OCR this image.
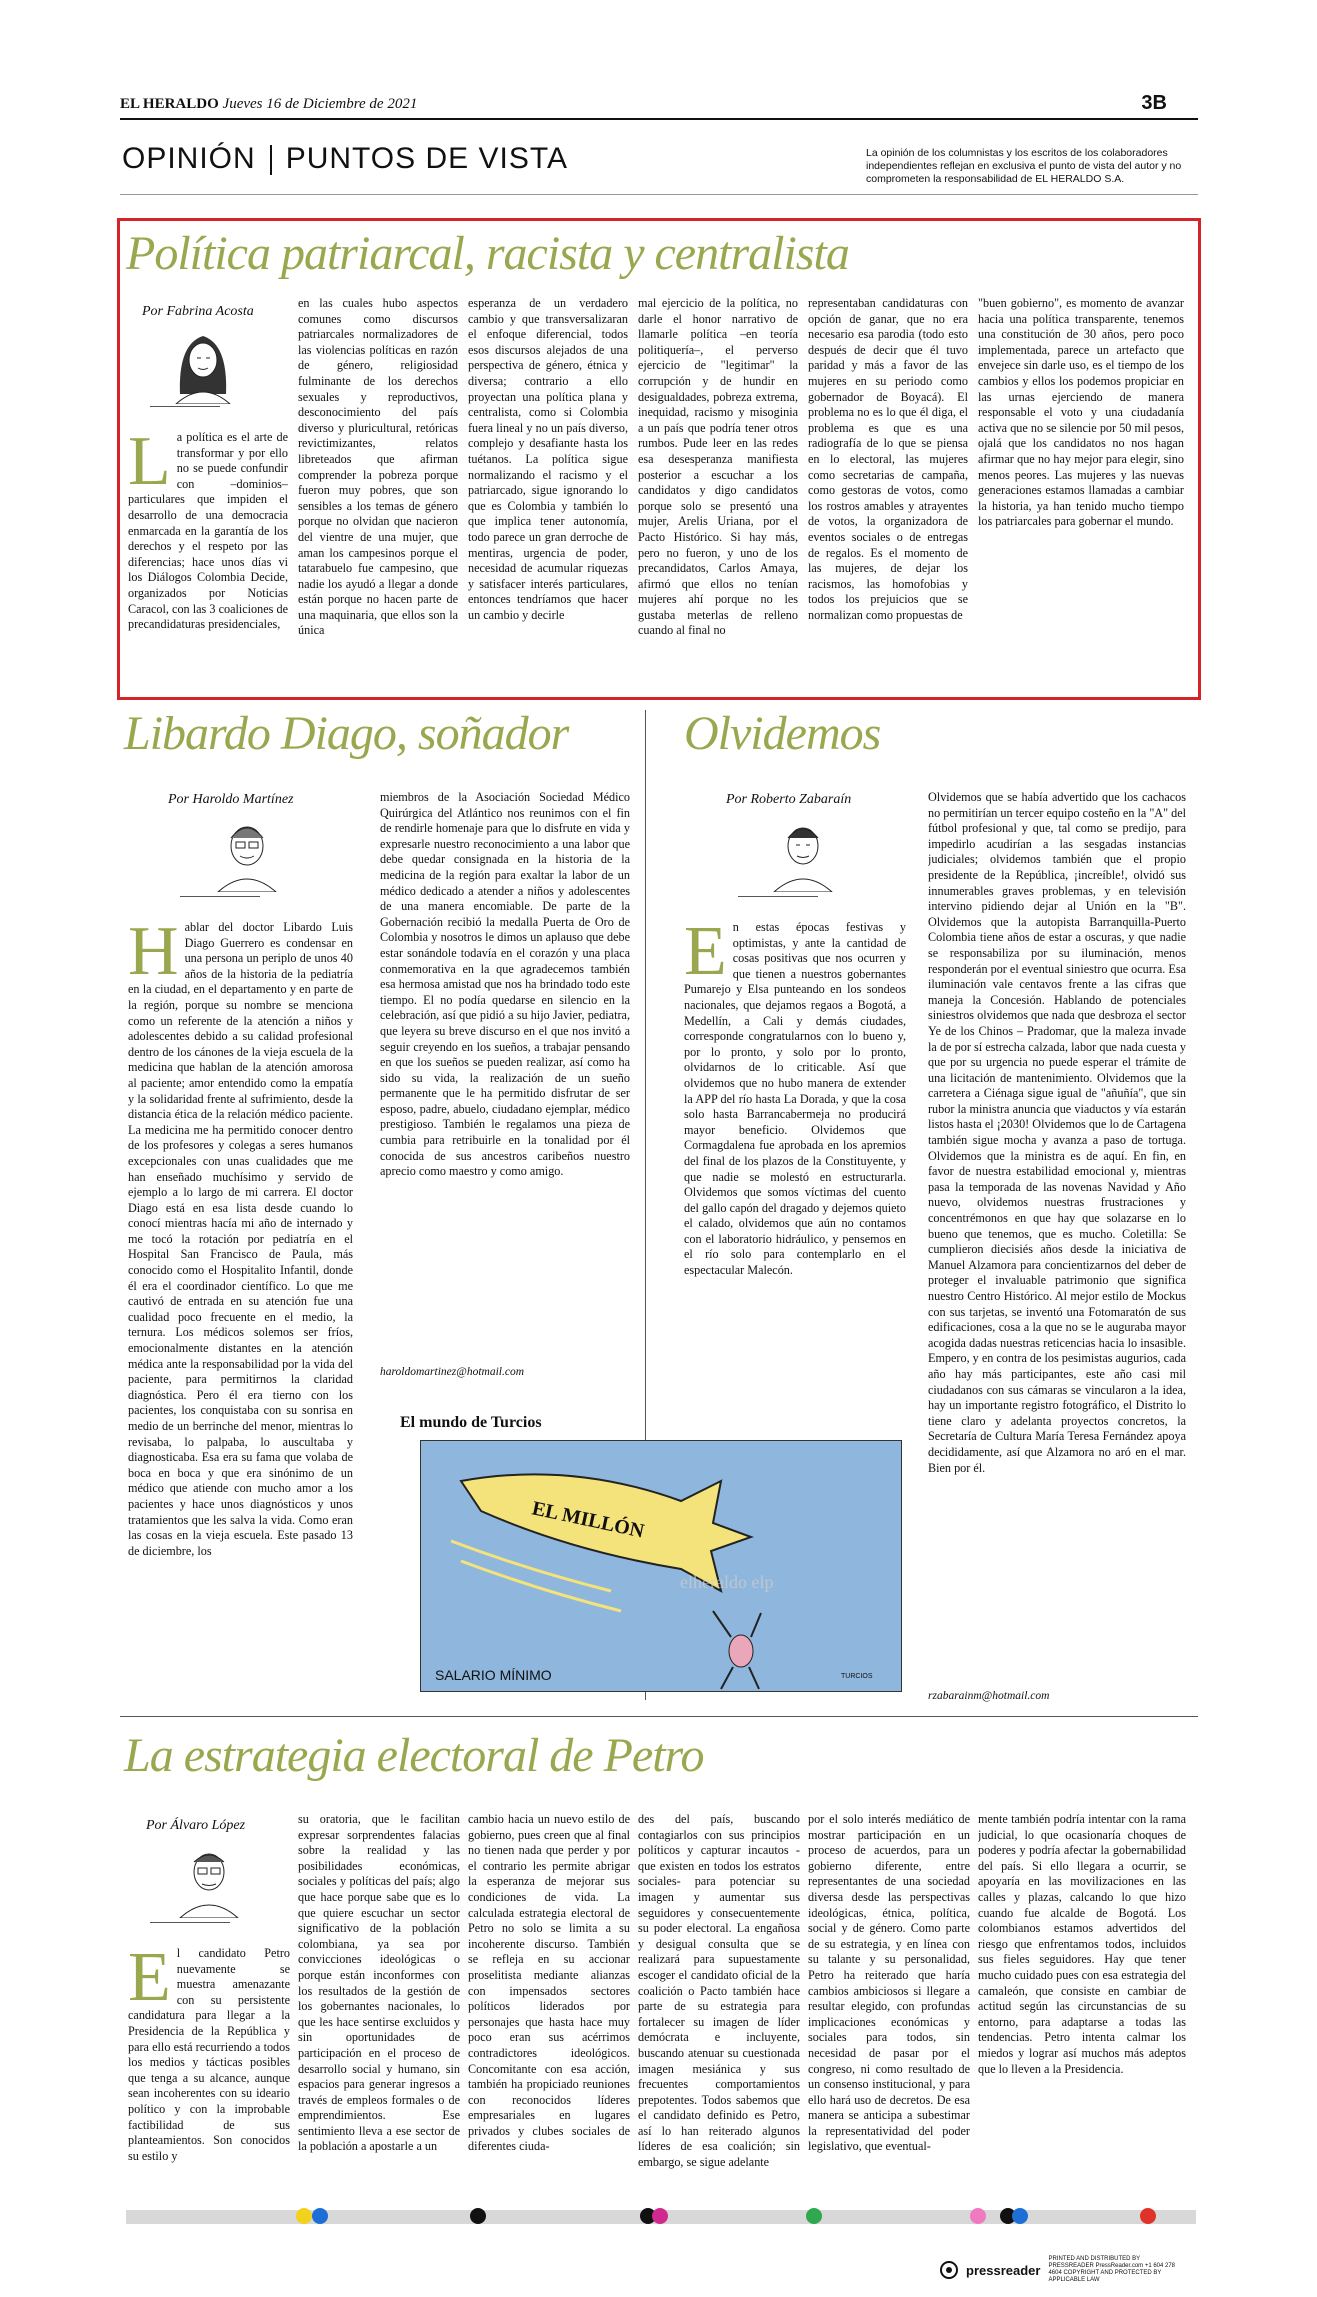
EL HERALDO Jueves 16 de Diciembre de 2021	3B
OPINIÓN PUNTOS DE VISTA	La opinión de los columnistas y los escritos de los colaboradores independientes reflejan en exclusiva el punto de vista del autor y no comprometen la responsabilidad de EL HERALDO S.A.
Política patriarcal, racista y centralista
Por Fabrina Acosta
La política es el arte de transformar y por ello no se puede confundir con –dominios– particulares que impiden el desarrollo de una democracia enmarcada en la garantía de los derechos y el respeto por las diferencias; hace unos días vi los Diálogos Colombia Decide, organizados por Noticias Caracol, con las 3 coaliciones de precandidaturas presidenciales,
en las cuales hubo aspectos comunes como discursos patriarcales normalizadores de las violencias políticas en razón de género, religiosidad fulminante de los derechos sexuales y reproductivos, desconocimiento del país diverso y pluricultural, retóricas revictimizantes, relatos libreteados que afirman comprender la pobreza porque fueron muy pobres, que son sensibles a los temas de género porque no olvidan que nacieron del vientre de una mujer, que aman los campesinos porque el tatarabuelo fue campesino, que nadie los ayudó a llegar a donde están porque no hacen parte de una maquinaria, que ellos son la única
esperanza de un verdadero cambio y que transversalizaran el enfoque diferencial, todos esos discursos alejados de una perspectiva de género, étnica y diversa; contrario a ello proyectan una política plana y centralista, como si Colombia fuera lineal y no un país diverso, complejo y desafiante hasta los tuétanos. La política sigue normalizando el racismo y el patriarcado, sigue ignorando lo que es Colombia y también lo que implica tener autonomía, todo parece un gran derroche de mentiras, urgencia de poder, necesidad de acumular riquezas y satisfacer interés particulares, entonces tendríamos que hacer un cambio y decirle
mal ejercicio de la política, no darle el honor narrativo de llamarle política –en teoría politiquería–, el perverso ejercicio de "legitimar" la corrupción y de hundir en desigualdades, pobreza extrema, inequidad, racismo y misoginia a un país que podría tener otros rumbos. Pude leer en las redes esa desesperanza manifiesta posterior a escuchar a los candidatos y digo candidatos porque solo se presentó una mujer, Arelis Uriana, por el Pacto Histórico. Si hay más, pero no fueron, y uno de los precandidatos, Carlos Amaya, afirmó que ellos no tenían mujeres ahí porque no les gustaba meterlas de relleno cuando al final no
representaban candidaturas con opción de ganar, que no era necesario esa parodia (todo esto después de decir que él tuvo paridad y más a favor de las mujeres en su periodo como gobernador de Boyacá). El problema no es lo que él diga, el problema es que es una radiografía de lo que se piensa en lo electoral, las mujeres como secretarias de campaña, como gestoras de votos, como los rostros amables y atrayentes de votos, la organizadora de eventos sociales o de entregas de regalos. Es el momento de las mujeres, de dejar los racismos, las homofobias y todos los prejuicios que se normalizan como propuestas de
"buen gobierno", es momento de avanzar hacia una política transparente, tenemos una constitución de 30 años, pero poco implementada, parece un artefacto que envejece sin darle uso, es el tiempo de los cambios y ellos los podemos propiciar en las urnas ejerciendo de manera responsable el voto y una ciudadanía activa que no se silencie por 50 mil pesos, ojalá que los candidatos no nos hagan afirmar que no hay mejor para elegir, sino menos peores. Las mujeres y las nuevas generaciones estamos llamadas a cambiar la historia, ya han tenido mucho tiempo los patriarcales para gobernar el mundo.
Libardo Diago, soñador
Por Haroldo Martínez
Hablar del doctor Libardo Luis Diago Guerrero es condensar en una persona un periplo de unos 40 años de la historia de la pediatría en la ciudad, en el departamento y en parte de la región, porque su nombre se menciona como un referente de la atención a niños y adolescentes debido a su calidad profesional dentro de los cánones de la vieja escuela de la medicina que hablan de la atención amorosa al paciente; amor entendido como la empatía y la solidaridad frente al sufrimiento, desde la distancia ética de la relación médico paciente. La medicina me ha permitido conocer dentro de los profesores y colegas a seres humanos excepcionales con unas cualidades que me han enseñado muchísimo y servido de ejemplo a lo largo de mi carrera. El doctor Diago está en esa lista desde cuando lo conocí mientras hacía mi año de internado y me tocó la rotación por pediatría en el Hospital San Francisco de Paula, más conocido como el Hospitalito Infantil, donde él era el coordinador científico. Lo que me cautivó de entrada en su atención fue una cualidad poco frecuente en el medio, la ternura. Los médicos solemos ser fríos, emocionalmente distantes en la atención médica ante la responsabilidad por la vida del paciente, para permitirnos la claridad diagnóstica. Pero él era tierno con los pacientes, los conquistaba con su sonrisa en medio de un berrinche del menor, mientras lo revisaba, lo palpaba, lo auscultaba y diagnosticaba. Esa era su fama que volaba de boca en boca y que era sinónimo de un médico que atiende con mucho amor a los pacientes y hace unos diagnósticos y unos tratamientos que les salva la vida. Como eran las cosas en la vieja escuela. Este pasado 13 de diciembre, los
miembros de la Asociación Sociedad Médico Quirúrgica del Atlántico nos reunimos con el fin de rendirle homenaje para que lo disfrute en vida y expresarle nuestro reconocimiento a una labor que debe quedar consignada en la historia de la medicina de la región para exaltar la labor de un médico dedicado a atender a niños y adolescentes de una manera encomiable. De parte de la Gobernación recibió la medalla Puerta de Oro de Colombia y nosotros le dimos un aplauso que debe estar sonándole todavía en el corazón y una placa conmemorativa en la que agradecemos también esa hermosa amistad que nos ha brindado todo este tiempo. El no podía quedarse en silencio en la celebración, así que pidió a su hijo Javier, pediatra, que leyera su breve discurso en el que nos invitó a seguir creyendo en los sueños, a trabajar pensando en que los sueños se pueden realizar, así como ha sido su vida, la realización de un sueño permanente que le ha permitido disfrutar de ser esposo, padre, abuelo, ciudadano ejemplar, médico prestigioso. También le regalamos una pieza de cumbia para retribuirle en la tonalidad por él conocida de sus ancestros caribeños nuestro aprecio como maestro y como amigo.
haroldomartinez@hotmail.com
El mundo de Turcios
EL MILLÓN
SALARIO MÍNIMO	TURCIOS
Olvidemos
Por Roberto Zabaraín
En estas épocas festivas y optimistas, y ante la cantidad de cosas positivas que nos ocurren y que tienen a nuestros gobernantes Pumarejo y Elsa punteando en los sondeos nacionales, que dejamos regaos a Bogotá, a Medellín, a Cali y demás ciudades, corresponde congratularnos con lo bueno y, por lo pronto, y solo por lo pronto, olvidarnos de lo criticable. Así que olvidemos que no hubo manera de extender la APP del río hasta La Dorada, y que la cosa solo hasta Barrancabermeja no producirá mayor beneficio. Olvidemos que Cormagdalena fue aprobada en los apremios del final de los plazos de la Constituyente, y que nadie se molestó en estructurarla. Olvidemos que somos víctimas del cuento del gallo capón del dragado y dejemos quieto el calado, olvidemos que aún no contamos con el laboratorio hidráulico, y pensemos en el río solo para contemplarlo en el espectacular Malecón.
Olvidemos que se había advertido que los cachacos no permitirían un tercer equipo costeño en la "A" del fútbol profesional y que, tal como se predijo, para impedirlo acudirían a las sesgadas instancias judiciales; olvidemos también que el propio presidente de la República, ¡increíble!, olvidó sus innumerables graves problemas, y en televisión intervino pidiendo dejar al Unión en la "B". Olvidemos que la autopista Barranquilla-Puerto Colombia tiene años de estar a oscuras, y que nadie se responsabiliza por su iluminación, menos responderán por el eventual siniestro que ocurra. Esa iluminación vale centavos frente a las cifras que maneja la Concesión. Hablando de potenciales siniestros olvidemos que nada que desbroza el sector Ye de los Chinos – Pradomar, que la maleza invade la de por sí estrecha calzada, labor que nada cuesta y que por su urgencia no puede esperar el trámite de una licitación de mantenimiento. Olvidemos que la carretera a Ciénaga sigue igual de "añuñía", que sin rubor la ministra anuncia que viaductos y vía estarán listos hasta el ¡2030! Olvidemos que lo de Cartagena también sigue mocha y avanza a paso de tortuga. Olvidemos que la ministra es de aquí. En fin, en favor de nuestra estabilidad emocional y, mientras pasa la temporada de las novenas Navidad y Año nuevo, olvidemos nuestras frustraciones y concentrémonos en que hay que solazarse en lo bueno que tenemos, que es mucho. Coletilla: Se cumplieron diecisiés años desde la iniciativa de Manuel Alzamora para concientizarnos del deber de proteger el invaluable patrimonio que significa nuestro Centro Histórico. Al mejor estilo de Mockus con sus tarjetas, se inventó una Fotomaratón de sus edificaciones, cosa a la que no se le auguraba mayor acogida dadas nuestras reticencias hacia lo insasible. Empero, y en contra de los pesimistas augurios, cada año hay más participantes, este año casi mil ciudadanos con sus cámaras se vincularon a la idea, hay un importante registro fotográfico, el Distrito lo tiene claro y adelanta proyectos concretos, la Secretaría de Cultura María Teresa Fernández apoya decididamente, así que Alzamora no aró en el mar. Bien por él.
rzabarainm@hotmail.com
elheraldo elp
La estrategia electoral de Petro
Por Álvaro López
El candidato Petro nuevamente se muestra amenazante con su persistente candidatura para llegar a la Presidencia de la República y para ello está recurriendo a todos los medios y tácticas posibles que tenga a su alcance, aunque sean incoherentes con su ideario político y con la improbable factibilidad de sus planteamientos. Son conocidos su estilo y
su oratoria, que le facilitan expresar sorprendentes falacias sobre la realidad y las posibilidades económicas, sociales y políticas del país; algo que hace porque sabe que es lo que quiere escuchar un sector significativo de la población colombiana, ya sea por convicciones ideológicas o porque están inconformes con los resultados de la gestión de los gobernantes nacionales, lo que les hace sentirse excluidos y sin oportunidades de participación en el proceso de desarrollo social y humano, sin espacios para generar ingresos a través de empleos formales o de emprendimientos. Ese sentimiento lleva a ese sector de la población a apostarle a un
cambio hacia un nuevo estilo de gobierno, pues creen que al final no tienen nada que perder y por el contrario les permite abrigar la esperanza de mejorar sus condiciones de vida. La calculada estrategia electoral de Petro no solo se limita a su incoherente discurso. También se refleja en su accionar proselitista mediante alianzas con impensados sectores políticos liderados por personajes que hasta hace muy poco eran sus acérrimos contradictores ideológicos. Concomitante con esa acción, también ha propiciado reuniones con reconocidos líderes empresariales en lugares privados y clubes sociales de diferentes ciuda-
des del país, buscando contagiarlos con sus principios políticos y capturar incautos -que existen en todos los estratos sociales- para potenciar su imagen y aumentar sus seguidores y consecuentemente su poder electoral. La engañosa y desigual consulta que se realizará para supuestamente escoger el candidato oficial de la coalición o Pacto también hace parte de su estrategia para fortalecer su imagen de líder demócrata e incluyente, buscando atenuar su cuestionada imagen mesiánica y sus frecuentes comportamientos prepotentes. Todos sabemos que el candidato definido es Petro, así lo han reiterado algunos líderes de esa coalición; sin embargo, se sigue adelante
por el solo interés mediático de mostrar participación en un proceso de acuerdos, para un gobierno diferente, entre representantes de una sociedad diversa desde las perspectivas ideológicas, étnica, política, social y de género. Como parte de su estrategia, y en línea con su talante y su personalidad, Petro ha reiterado que haría cambios ambiciosos si llegare a resultar elegido, con profundas implicaciones económicas y sociales para todos, sin necesidad de pasar por el congreso, ni como resultado de un consenso institucional, y para ello hará uso de decretos. De esa manera se anticipa a subestimar la representatividad del poder legislativo, que eventual-
mente también podría intentar con la rama judicial, lo que ocasionaría choques de poderes y podría afectar la gobernabilidad del país. Si ello llegara a ocurrir, se apoyaría en las movilizaciones en las calles y plazas, calcando lo que hizo cuando fue alcalde de Bogotá. Los colombianos estamos advertidos del riesgo que enfrentamos todos, incluidos sus fieles seguidores. Hay que tener mucho cuidado pues con esa estrategia del camaleón, que consiste en cambiar de actitud según las circunstancias de su entorno, para adaptarse a todas las tendencias. Petro intenta calmar los miedos y lograr así muchos más adeptos que lo lleven a la Presidencia.
pressreader
PRINTED AND DISTRIBUTED BY PRESSREADER PressReader.com +1 604 278 4604 COPYRIGHT AND PROTECTED BY APPLICABLE LAW
